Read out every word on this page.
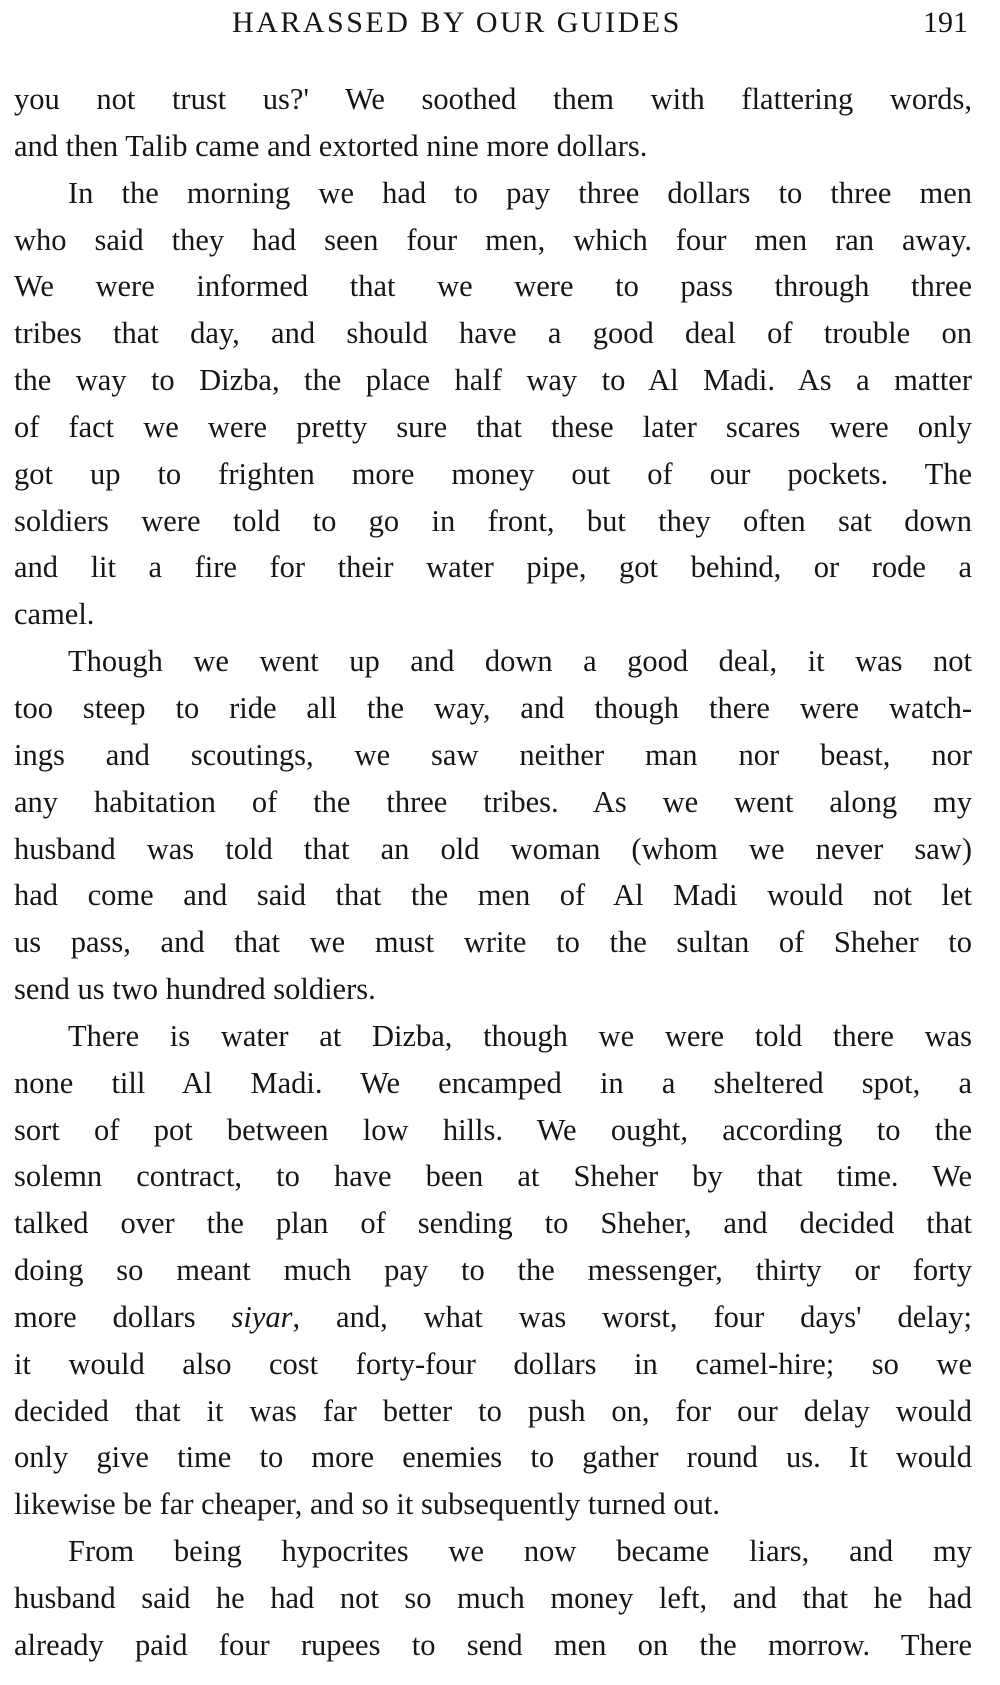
HARASSED BY OUR GUIDES	191
you not trust us?' We soothed them with flattering words,
and then Talib came and extorted nine more dollars.
In the morning we had to pay three dollars to three men
who said they had seen four men, which four men ran away.
We were informed that we were to pass through three
tribes that day, and should have a good deal of trouble on
the way to Dizba, the place half way to Al Madi. As a matter
of fact we were pretty sure that these later scares were only
got up to frighten more money out of our pockets. The
soldiers were told to go in front, but they often sat down
and lit a fire for their water pipe, got behind, or rode a
camel.
Though we went up and down a good deal, it was not
too steep to ride all the way, and though there were watch-
ings and scoutings, we saw neither man nor beast, nor
any habitation of the three tribes. As we went along my
husband was told that an old woman (whom we never saw)
had come and said that the men of Al Madi would not let
us pass, and that we must write to the sultan of Sheher to
send us two hundred soldiers.
There is water at Dizba, though we were told there was
none till Al Madi. We encamped in a sheltered spot, a
sort of pot between low hills. We ought, according to the
solemn contract, to have been at Sheher by that time. We
talked over the plan of sending to Sheher, and decided that
doing so meant much pay to the messenger, thirty or forty
more dollars siyar, and, what was worst, four days' delay;
it would also cost forty-four dollars in camel-hire; so we
decided that it was far better to push on, for our delay would
only give time to more enemies to gather round us. It would
likewise be far cheaper, and so it subsequently turned out.
From being hypocrites we now became liars, and my
husband said he had not so much money left, and that he had
already paid four rupees to send men on the morrow. There
